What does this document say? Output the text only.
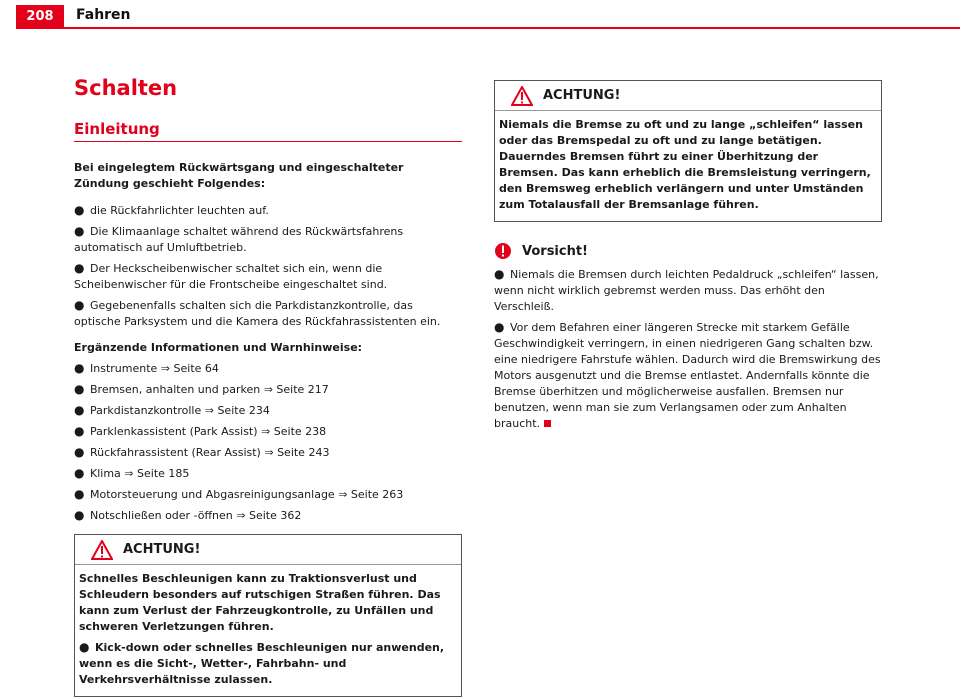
208	Fahren
Schalten
Einleitung

Bei eingelegtem Rückwärtsgang und eingeschalteter Zündung geschieht Folgendes:

● die Rückfahrlichter leuchten auf.
● Die Klimaanlage schaltet während des Rückwärtsfahrens automatisch auf Umluftbetrieb.
● Der Heckscheibenwischer schaltet sich ein, wenn die Scheibenwischer für die Frontscheibe eingeschaltet sind.
● Gegebenenfalls schalten sich die Parkdistanzkontrolle, das optische Parksystem und die Kamera des Rückfahrassistenten ein.

Ergänzende Informationen und Warnhinweise:

● Instrumente ⇒ Seite 64
● Bremsen, anhalten und parken ⇒ Seite 217
● Parkdistanzkontrolle ⇒ Seite 234
● Parklenkassistent (Park Assist) ⇒ Seite 238
● Rückfahrassistent (Rear Assist) ⇒ Seite 243
● Klima ⇒ Seite 185
● Motorsteuerung und Abgasreinigungsanlage ⇒ Seite 263
● Notschließen oder -öffnen ⇒ Seite 362
ACHTUNG!

Schnelles Beschleunigen kann zu Traktionsverlust und Schleudern besonders auf rutschigen Straßen führen. Das kann zum Verlust der Fahrzeugkontrolle, zu Unfällen und schweren Verletzungen führen.

● Kick-down oder schnelles Beschleunigen nur anwenden, wenn es die Sicht-, Wetter-, Fahrbahn- und Verkehrsverhältnisse zulassen.
ACHTUNG!

Niemals die Bremse zu oft und zu lange „schleifen“ lassen oder das Bremspedal zu oft und zu lange betätigen. Dauerndes Bremsen führt zu einer Überhitzung der Bremsen. Das kann erheblich die Bremsleistung verringern, den Bremsweg erheblich verlängern und unter Umständen zum Totalausfall der Bremsanlage führen.

Vorsicht!
● Niemals die Bremsen durch leichten Pedaldruck „schleifen“ lassen, wenn nicht wirklich gebremst werden muss. Das erhöht den Verschleiß.
● Vor dem Befahren einer längeren Strecke mit starkem Gefälle Geschwindigkeit verringern, in einen niedrigeren Gang schalten bzw. eine niedrigere Fahrstufe wählen. Dadurch wird die Bremswirkung des Motors ausgenutzt und die Bremse entlastet. Andernfalls könnte die Bremse überhitzen und möglicherweise ausfallen. Bremsen nur benutzen, wenn man sie zum Verlangsamen oder zum Anhalten braucht.
